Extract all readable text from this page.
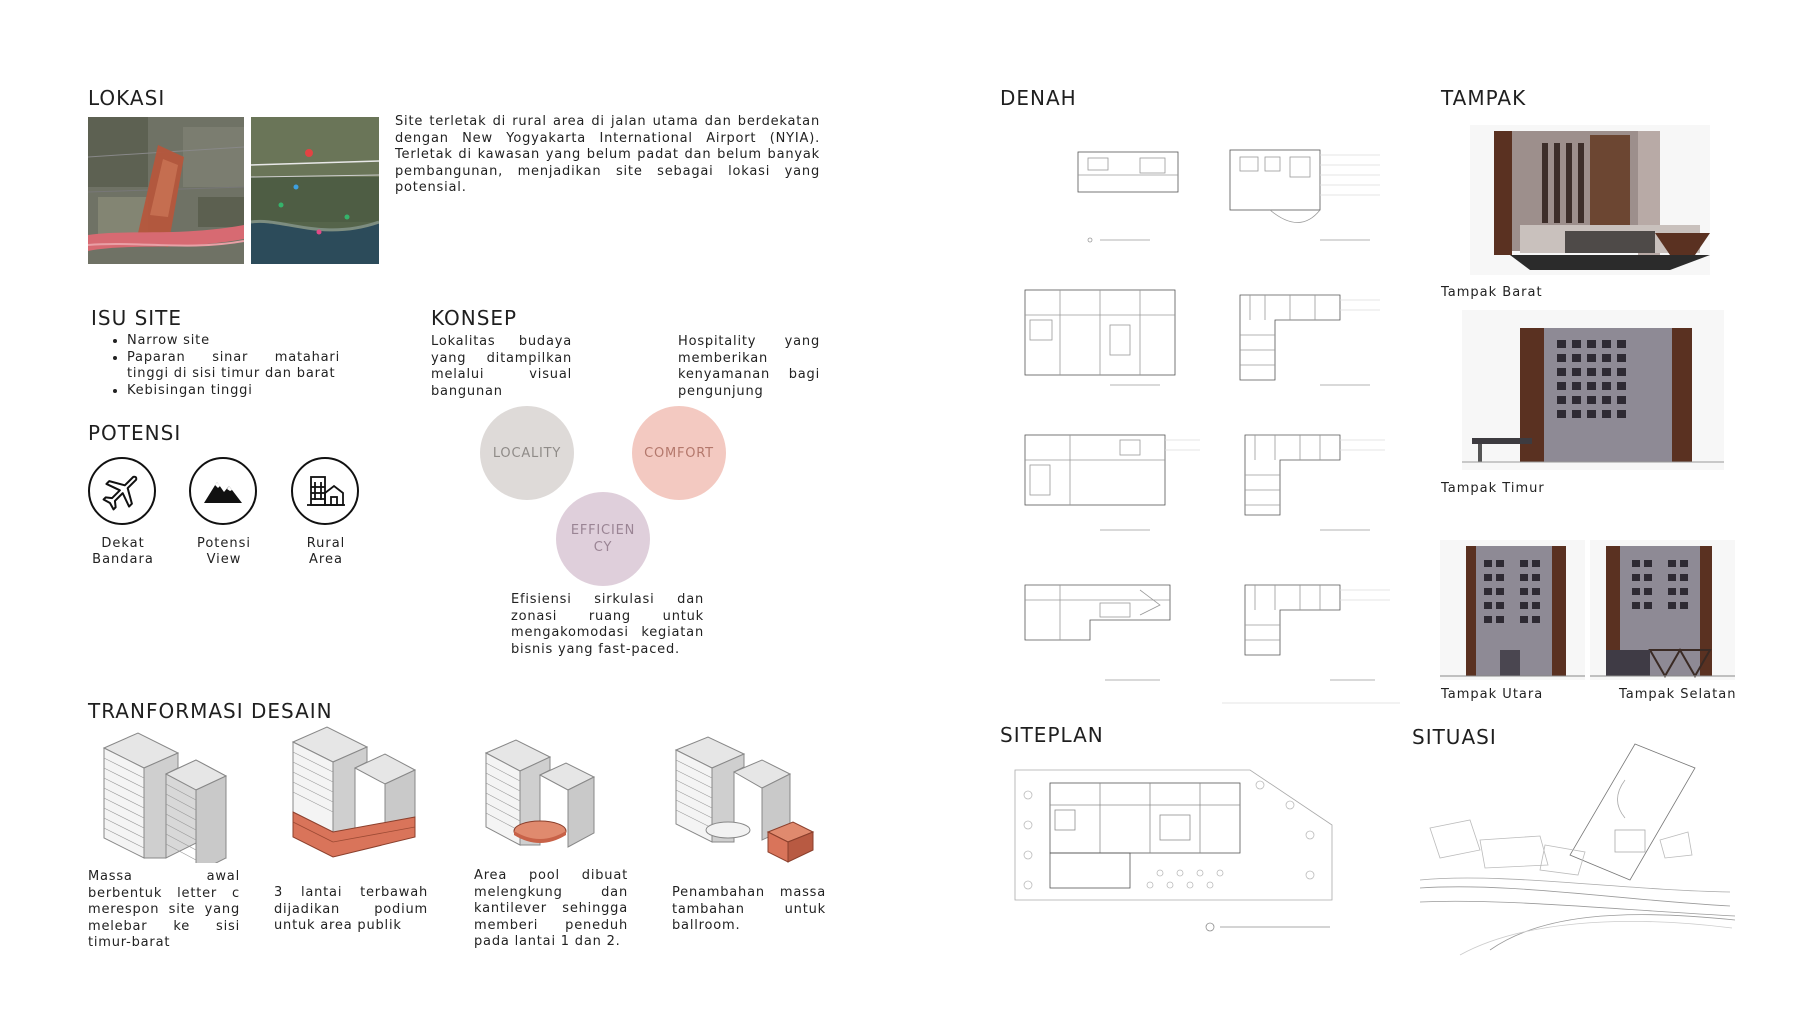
LOKASI
Site terletak di rural area di jalan utama dan berdekatan dengan New Yogyakarta International Airport (NYIA). Terletak di kawasan yang belum padat dan belum banyak pembangunan, menjadikan site sebagai lokasi yang potensial.
ISU SITE
• Narrow site
• Paparan sinar matahari tinggi di sisi timur dan barat
• Kebisingan tinggi
POTENSI
Dekat
Bandara
Potensi
View
Rural
Area
KONSEP
Lokalitas budaya yang ditampilkan melalui visual bangunan
Hospitality yang memberikan kenyamanan bagi pengunjung
LOCALITY	COMFORT
EFFICIEN
CY
Efisiensi sirkulasi dan zonasi ruang untuk mengakomodasi kegiatan bisnis yang fast-paced.
TRANFORMASI DESAIN
Massa awal berbentuk letter c merespon site yang melebar ke sisi timur-barat
3 lantai terbawah dijadikan podium untuk area publik
Area pool dibuat melengkung dan kantilever sehingga memberi peneduh pada lantai 1 dan 2.
Penambahan massa tambahan untuk ballroom.
DENAH	TAMPAK
Tampak Barat
Tampak Timur
Tampak Utara	Tampak Selatan
SITEPLAN	SITUASI
